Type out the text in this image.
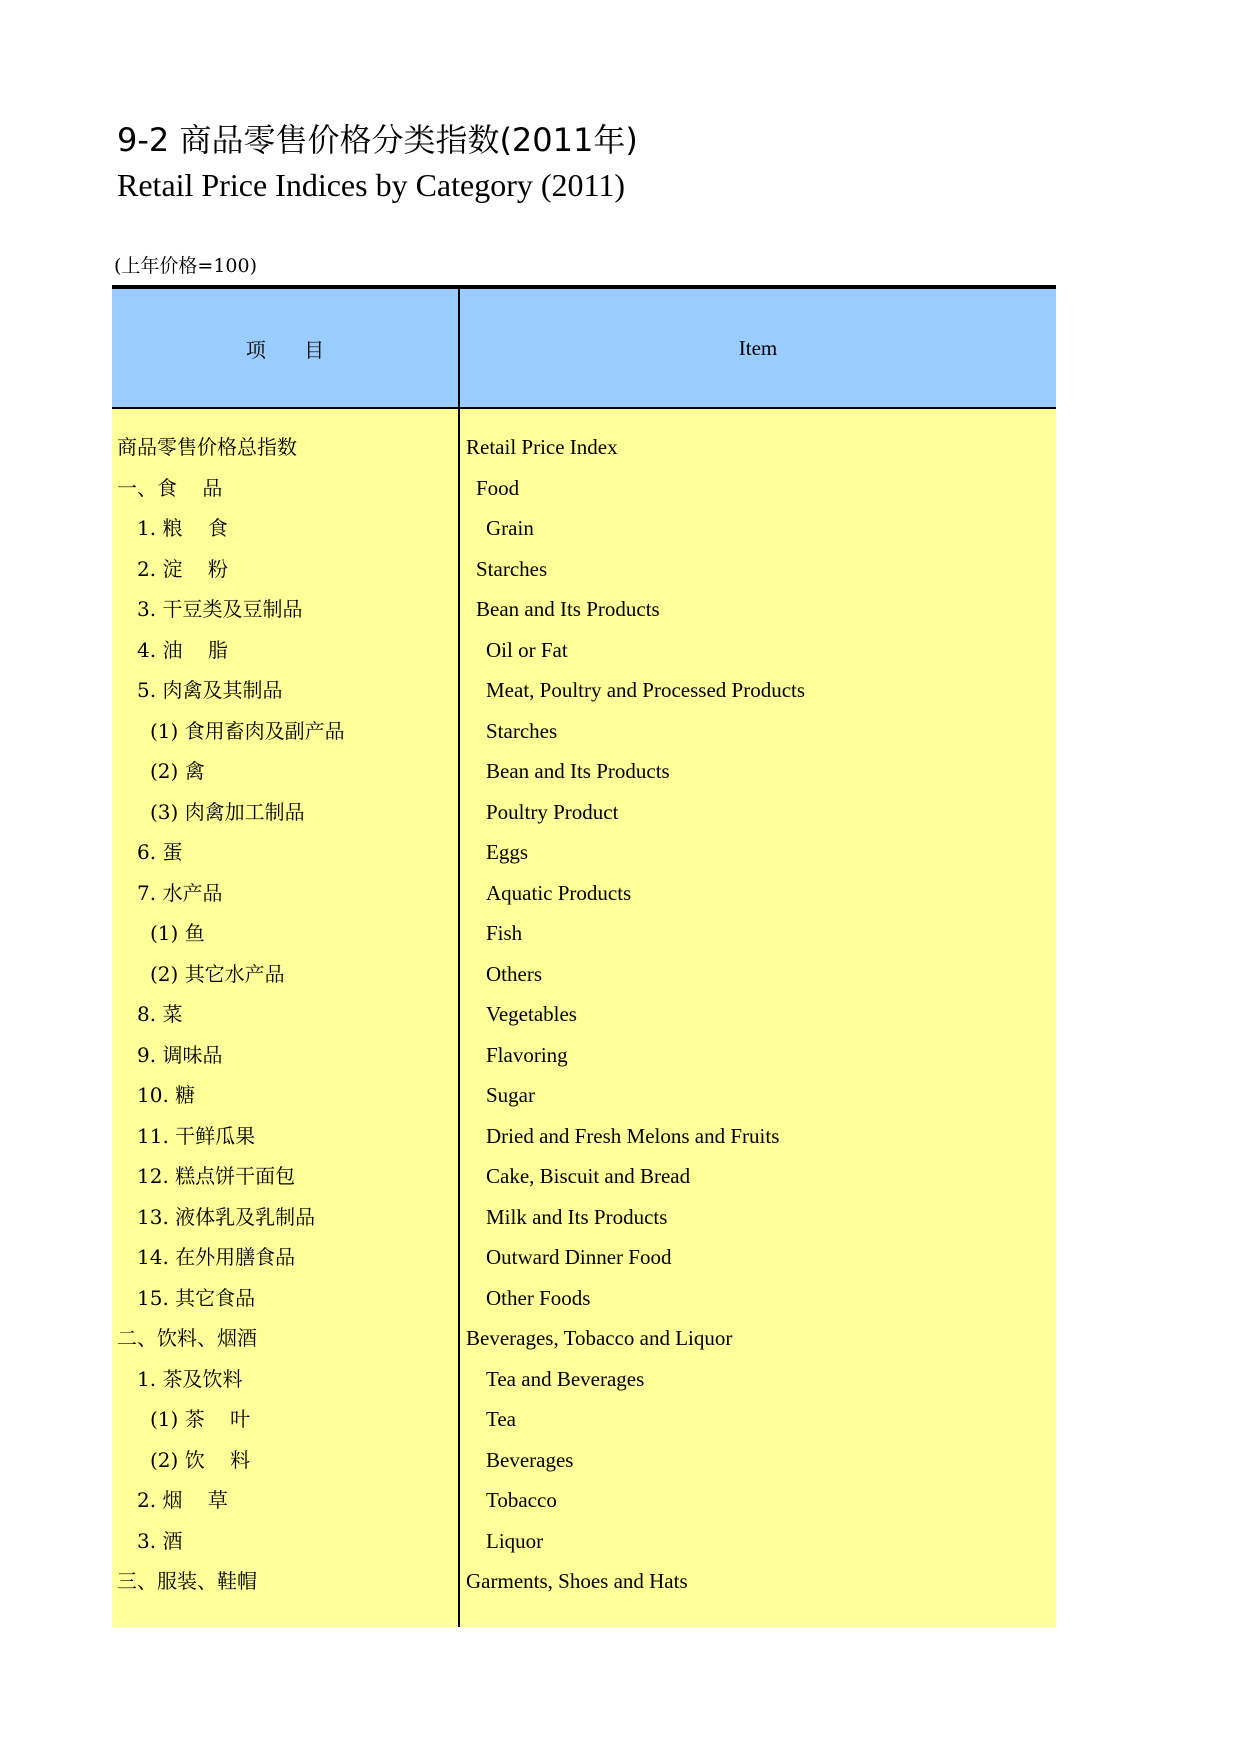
9-2 商品零售价格分类指数(2011年)
Retail Price Indices by Category (2011)
(上年价格=100)
项      目	Item
商品零售价格总指数	Retail Price Index
一、食    品	Food
1. 粮    食	Grain
2. 淀    粉	Starches
3. 干豆类及豆制品	Bean and Its Products
4. 油    脂	Oil or Fat
5. 肉禽及其制品	Meat, Poultry and Processed Products
(1) 食用畜肉及副产品	Starches
(2) 禽	Bean and Its Products
(3) 肉禽加工制品	Poultry Product
6. 蛋	Eggs
7. 水产品	Aquatic Products
(1) 鱼	Fish
(2) 其它水产品	Others
8. 菜	Vegetables
9. 调味品	Flavoring
10. 糖	Sugar
11. 干鲜瓜果	Dried and Fresh Melons and Fruits
12. 糕点饼干面包	Cake, Biscuit and Bread
13. 液体乳及乳制品	Milk and Its Products
14. 在外用膳食品	Outward Dinner Food
15. 其它食品	Other Foods
二、饮料、烟酒	Beverages, Tobacco and Liquor
1. 茶及饮料	Tea and Beverages
(1) 茶    叶	Tea
(2) 饮    料	Beverages
2. 烟    草	Tobacco
3. 酒	Liquor
三、服装、鞋帽	Garments, Shoes and Hats
